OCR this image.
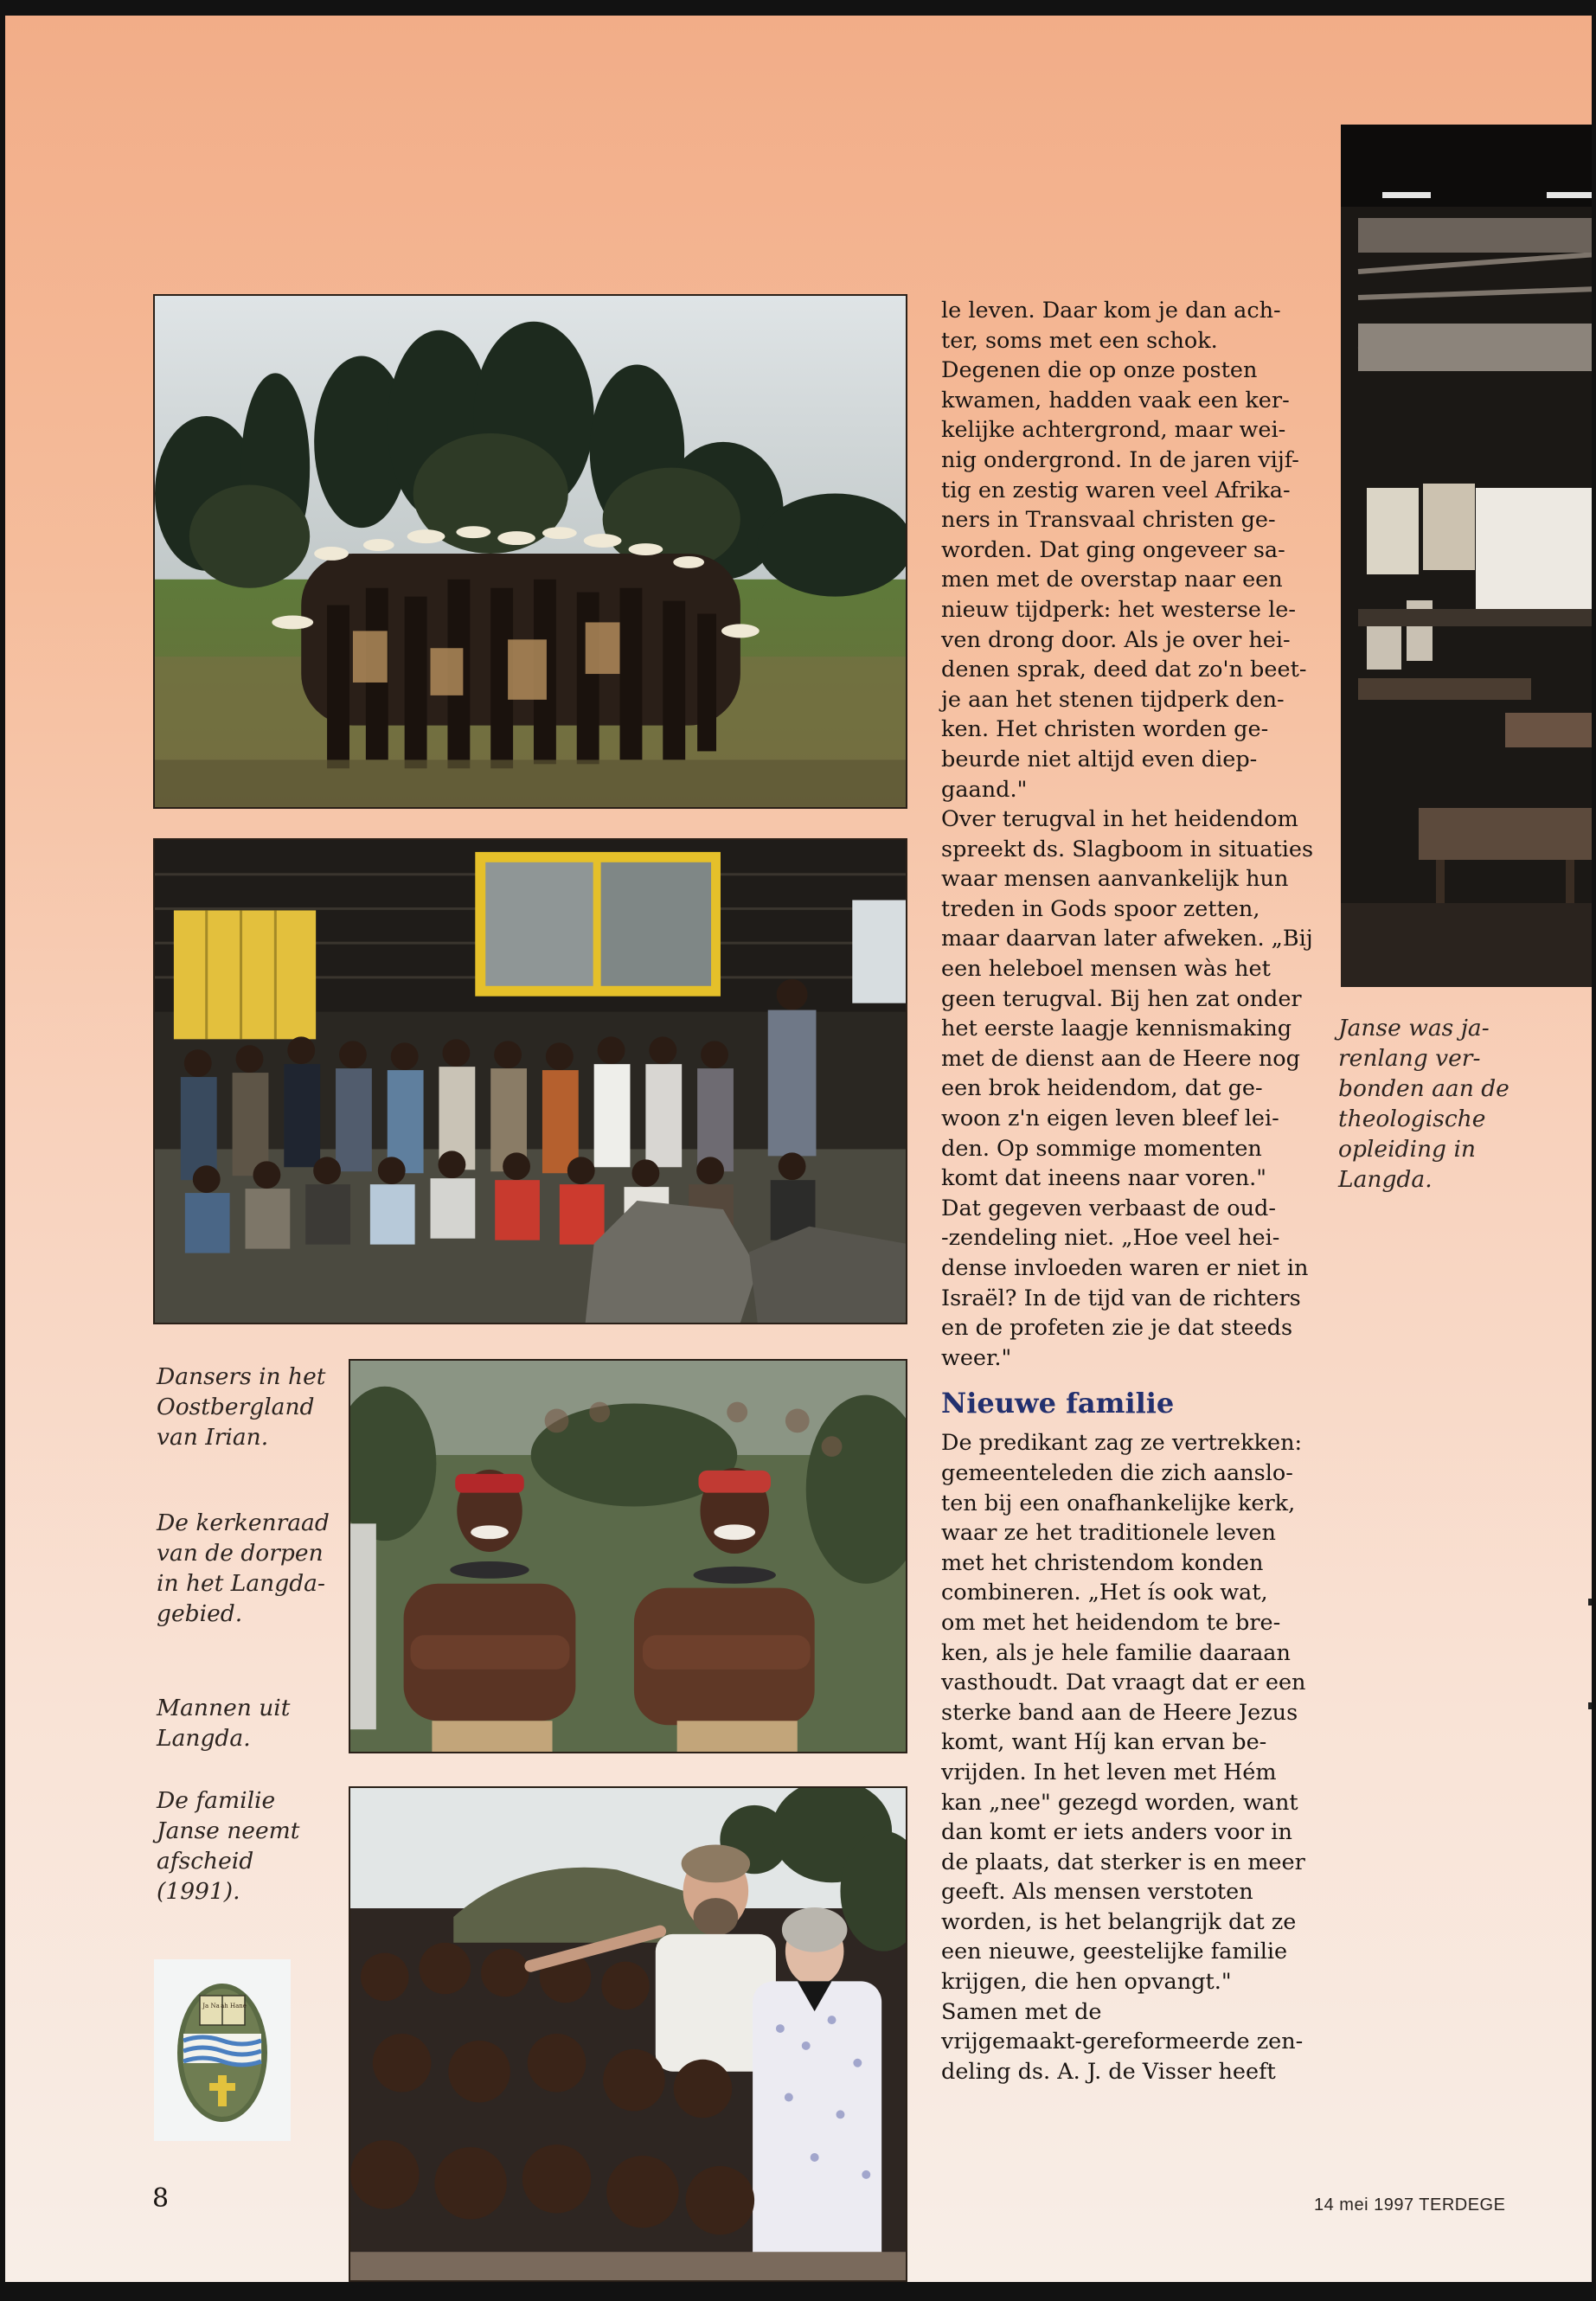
Dansers in het
Oostbergland
van Irian.

De kerkenraad
van de dorpen
in het Langda-
gebied.

Mannen uit
Langda.

De familie
Janse neemt
afscheid
(1991).

Janse was ja-
renlang ver-
bonden aan de
theologische
opleiding in
Langda.

le leven. Daar kom je dan ach-
ter, soms met een schok.
Degenen die op onze posten
kwamen, hadden vaak een ker-
kelijke achtergrond, maar wei-
nig ondergrond. In de jaren vijf-
tig en zestig waren veel Afrika-
ners in Transvaal christen ge-
worden. Dat ging ongeveer sa-
men met de overstap naar een
nieuw tijdperk: het westerse le-
ven drong door. Als je over hei-
denen sprak, deed dat zo'n beet-
je aan het stenen tijdperk den-
ken. Het christen worden ge-
beurde niet altijd even diep-
gaand."

Over terugval in het heidendom
spreekt ds. Slagboom in situaties
waar mensen aanvankelijk hun
treden in Gods spoor zetten,
maar daarvan later afweken. „Bij
een heleboel mensen wàs het
geen terugval. Bij hen zat onder
het eerste laagje kennismaking
met de dienst aan de Heere nog
een brok heidendom, dat ge-
woon z'n eigen leven bleef lei-
den. Op sommige momenten
komt dat ineens naar voren."

Dat gegeven verbaast de oud-
-zendeling niet. „Hoe veel hei-
dense invloeden waren er niet in
Israël? In de tijd van de richters
en de profeten zie je dat steeds
weer."

Nieuwe familie

De predikant zag ze vertrekken:
gemeenteleden die zich aanslo-
ten bij een onafhankelijke kerk,
waar ze het traditionele leven
met het christendom konden
combineren. „Het ís ook wat,
om met het heidendom te bre-
ken, als je hele familie daaraan
vasthoudt. Dat vraagt dat er een
sterke band aan de Heere Jezus
komt, want Híj kan ervan be-
vrijden. In het leven met Hém
kan „nee" gezegd worden, want
dan komt er iets anders voor in
de plaats, dat sterker is en meer
geeft. Als mensen verstoten
worden, is het belangrijk dat ze
een nieuwe, geestelijke familie
krijgen, die hen opvangt."

Samen met de
vrijgemaakt-gereformeerde zen-
deling ds. A. J. de Visser heeft

Ja Na ah Hane

8	14 mei 1997 TERDEGE
